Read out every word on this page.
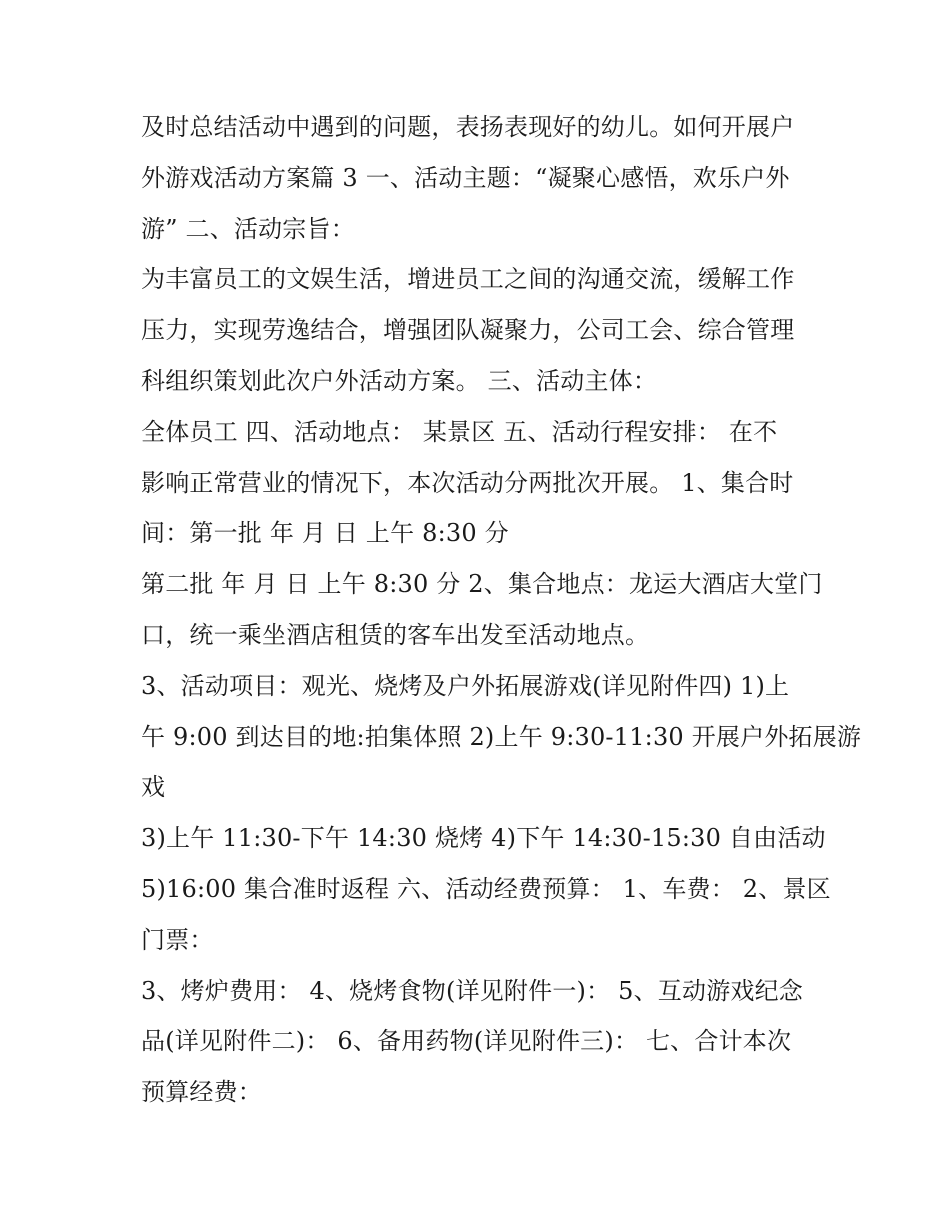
及时总结活动中遇到的问题，表扬表现好的幼儿。如何开展户
外游戏活动方案篇 3 一、活动主题：“凝聚心感悟，欢乐户外
游” 二、活动宗旨：
为丰富员工的文娱生活，增进员工之间的沟通交流，缓解工作
压力，实现劳逸结合，增强团队凝聚力，公司工会、综合管理
科组织策划此次户外活动方案。 三、活动主体：
全体员工 四、活动地点： 某景区 五、活动行程安排： 在不
影响正常营业的情况下，本次活动分两批次开展。 1、集合时
间：第一批 年 月 日 上午 8:30 分
第二批 年 月 日 上午 8:30 分 2、集合地点：龙运大酒店大堂门
口，统一乘坐酒店租赁的客车出发至活动地点。
3、活动项目：观光、烧烤及户外拓展游戏(详见附件四) 1)上
午 9:00 到达目的地:拍集体照 2)上午 9:30-11:30 开展户外拓展游
戏
3)上午 11:30-下午 14:30 烧烤 4)下午 14:30-15:30 自由活动
5)16:00 集合准时返程 六、活动经费预算： 1、车费： 2、景区
门票：
3、烤炉费用： 4、烧烤食物(详见附件一)： 5、互动游戏纪念
品(详见附件二)： 6、备用药物(详见附件三)： 七、合计本次
预算经费：
